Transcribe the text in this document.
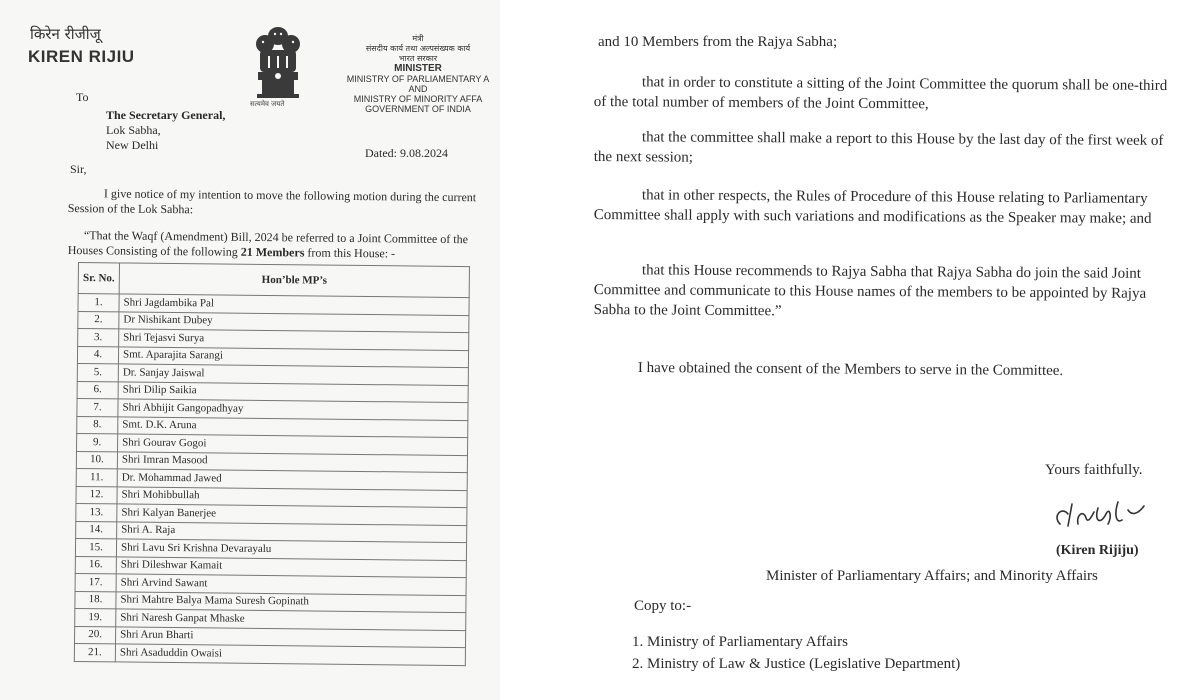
किरेन रीजीजू
KIREN RIJIU
सत्यमेव जयते
मंत्री
संसदीय कार्य तथा अल्पसंख्यक कार्य
भारत सरकार
MINISTER
MINISTRY OF PARLIAMENTARY A
AND
MINISTRY OF MINORITY AFFA
GOVERNMENT OF INDIA
To
The Secretary General,
Lok Sabha,
New Delhi
Dated: 9.08.2024
Sir,
I give notice of my intention to move the following motion during the current Session of the Lok Sabha:
“That the Waqf (Amendment) Bill, 2024 be referred to a Joint Committee of the Houses Consisting of the following 21 Members from this House: -
Sr. No.	Hon’ble MP’s
1.	Shri Jagdambika Pal
2.	Dr Nishikant Dubey
3.	Shri Tejasvi Surya
4.	Smt. Aparajita Sarangi
5.	Dr. Sanjay Jaiswal
6.	Shri Dilip Saikia
7.	Shri Abhijit Gangopadhyay
8.	Smt. D.K. Aruna
9.	Shri Gourav Gogoi
10.	Shri Imran Masood
11.	Dr. Mohammad Jawed
12.	Shri Mohibbullah
13.	Shri Kalyan Banerjee
14.	Shri A. Raja
15.	Shri Lavu Sri Krishna Devarayalu
16.	Shri Dileshwar Kamait
17.	Shri Arvind Sawant
18.	Shri Mahtre Balya Mama Suresh Gopinath
19.	Shri Naresh Ganpat Mhaske
20.	Shri Arun Bharti
21.	Shri Asaduddin Owaisi

and 10 Members from the Rajya Sabha;

that in order to constitute a sitting of the Joint Committee the quorum shall be one-third of the total number of members of the Joint Committee,

that the committee shall make a report to this House by the last day of the first week of the next session;

that in other respects, the Rules of Procedure of this House relating to Parliamentary Committee shall apply with such variations and modifications as the Speaker may make; and

that this House recommends to Rajya Sabha that Rajya Sabha do join the said Joint Committee and communicate to this House names of the members to be appointed by Rajya Sabha to the Joint Committee.”

I have obtained the consent of the Members to serve in the Committee.

Yours faithfully.
(Kiren Rijiju)
Minister of Parliamentary Affairs; and Minority Affairs
Copy to:-
1. Ministry of Parliamentary Affairs
2. Ministry of Law & Justice (Legislative Department)
